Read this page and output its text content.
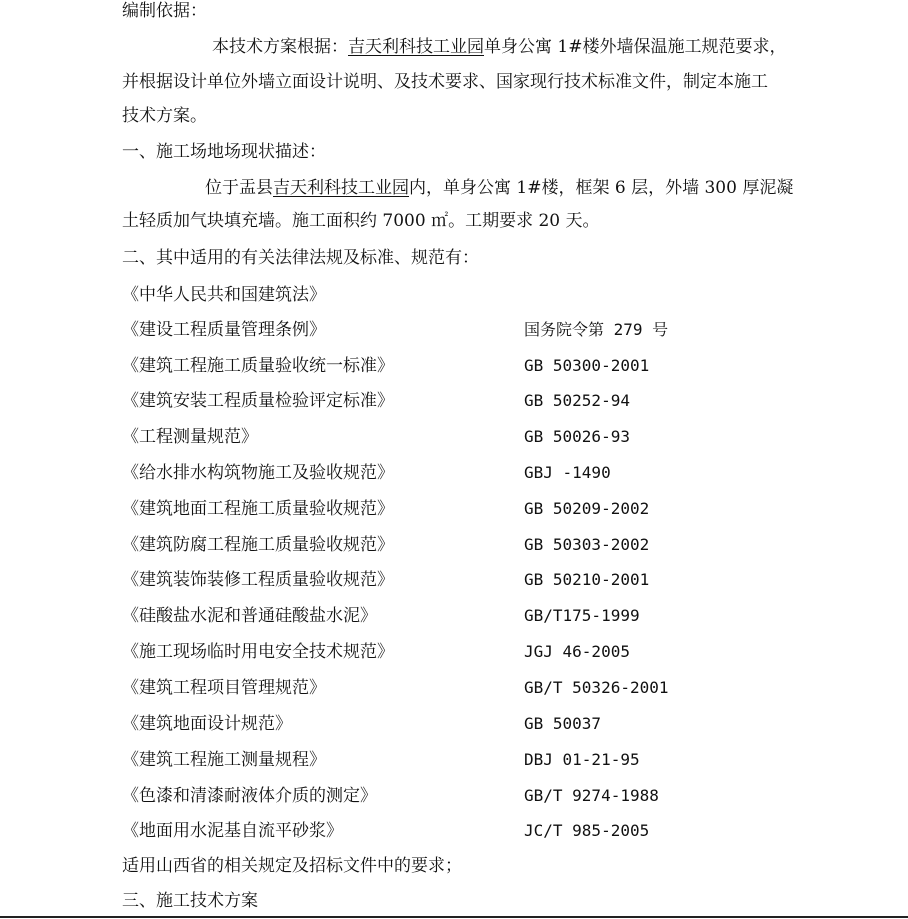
编制依据：
本技术方案根据：吉天利科技工业园单身公寓 1#楼外墙保温施工规范要求，
并根据设计单位外墙立面设计说明、及技术要求、国家现行技术标准文件，制定本施工
技术方案。
一、施工场地场现状描述：
位于盂县吉天利科技工业园内，单身公寓 1#楼，框架 6 层，外墙 300 厚泥凝
土轻质加气块填充墙。施工面积约 7000 ㎡。工期要求 20 天。
二、其中适用的有关法律法规及标准、规范有：
《中华人民共和国建筑法》
《建设工程质量管理条例》	国务院令第 279 号
《建筑工程施工质量验收统一标准》	GB 50300-2001
《建筑安装工程质量检验评定标准》	GB 50252-94
《工程测量规范》	GB 50026-93
《给水排水构筑物施工及验收规范》	GBJ -1490
《建筑地面工程施工质量验收规范》	GB 50209-2002
《建筑防腐工程施工质量验收规范》	GB 50303-2002
《建筑装饰装修工程质量验收规范》	GB 50210-2001
《硅酸盐水泥和普通硅酸盐水泥》	GB/T175-1999
《施工现场临时用电安全技术规范》	JGJ 46-2005
《建筑工程项目管理规范》	GB/T 50326-2001
《建筑地面设计规范》	GB 50037
《建筑工程施工测量规程》	DBJ 01-21-95
《色漆和清漆耐液体介质的测定》	GB/T 9274-1988
《地面用水泥基自流平砂浆》	JC/T 985-2005
适用山西省的相关规定及招标文件中的要求；
三、施工技术方案
